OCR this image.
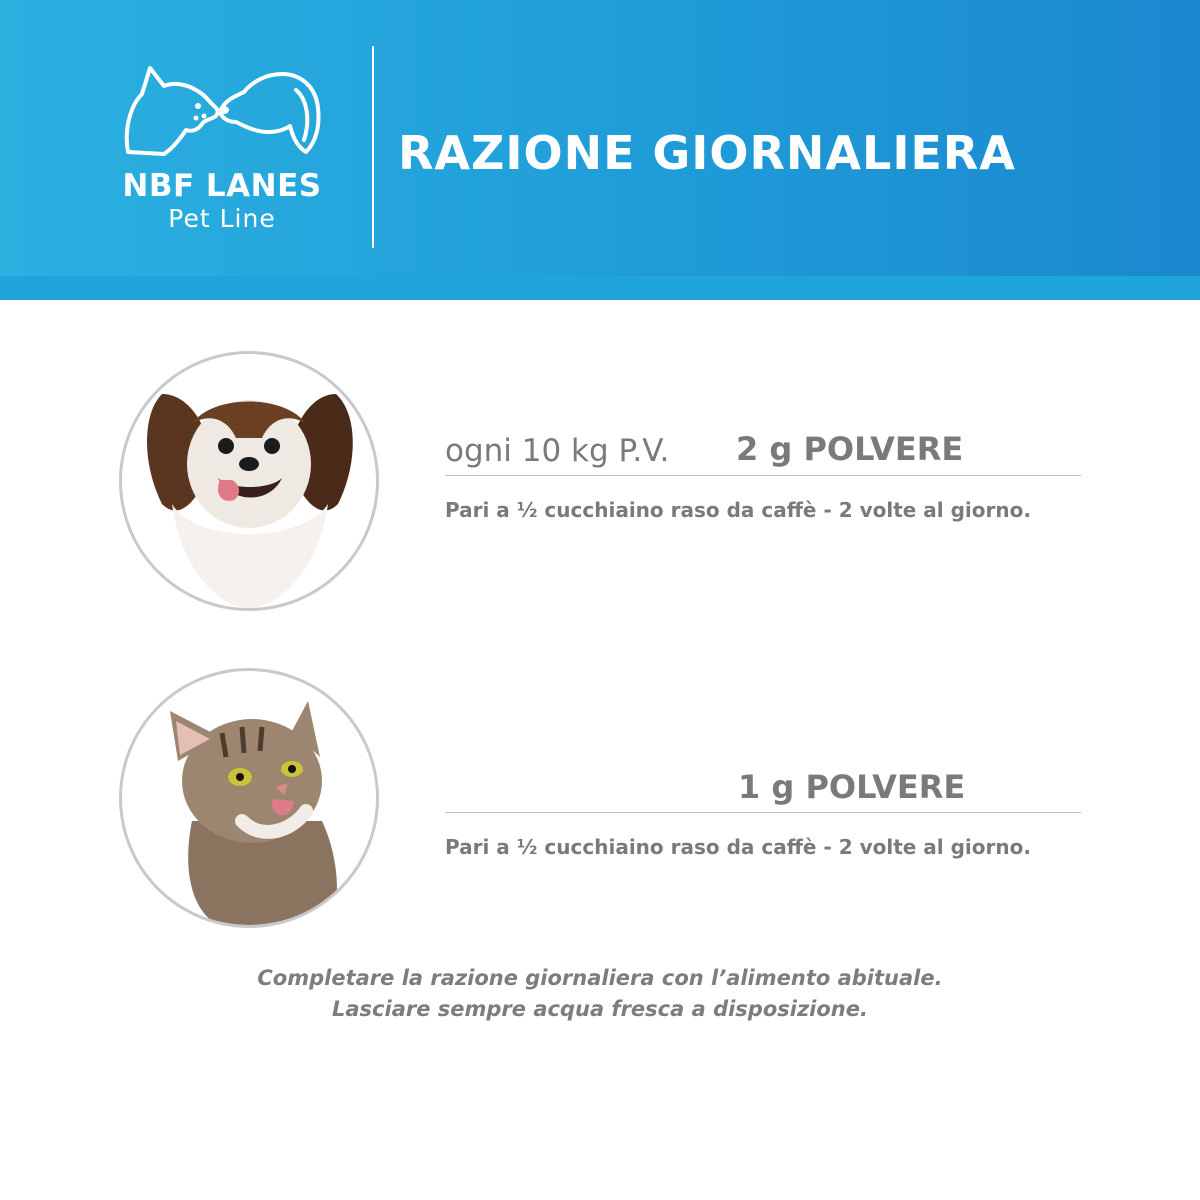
NBF LANES
Pet Line
RAZIONE GIORNALIERA
ogni 10 kg P.V. 2 g POLVERE
Pari a ½ cucchiaino raso da caffè - 2 volte al giorno.
1 g POLVERE
Pari a ½ cucchiaino raso da caffè - 2 volte al giorno.
Completare la razione giornaliera con l’alimento abituale.
Lasciare sempre acqua fresca a disposizione.
